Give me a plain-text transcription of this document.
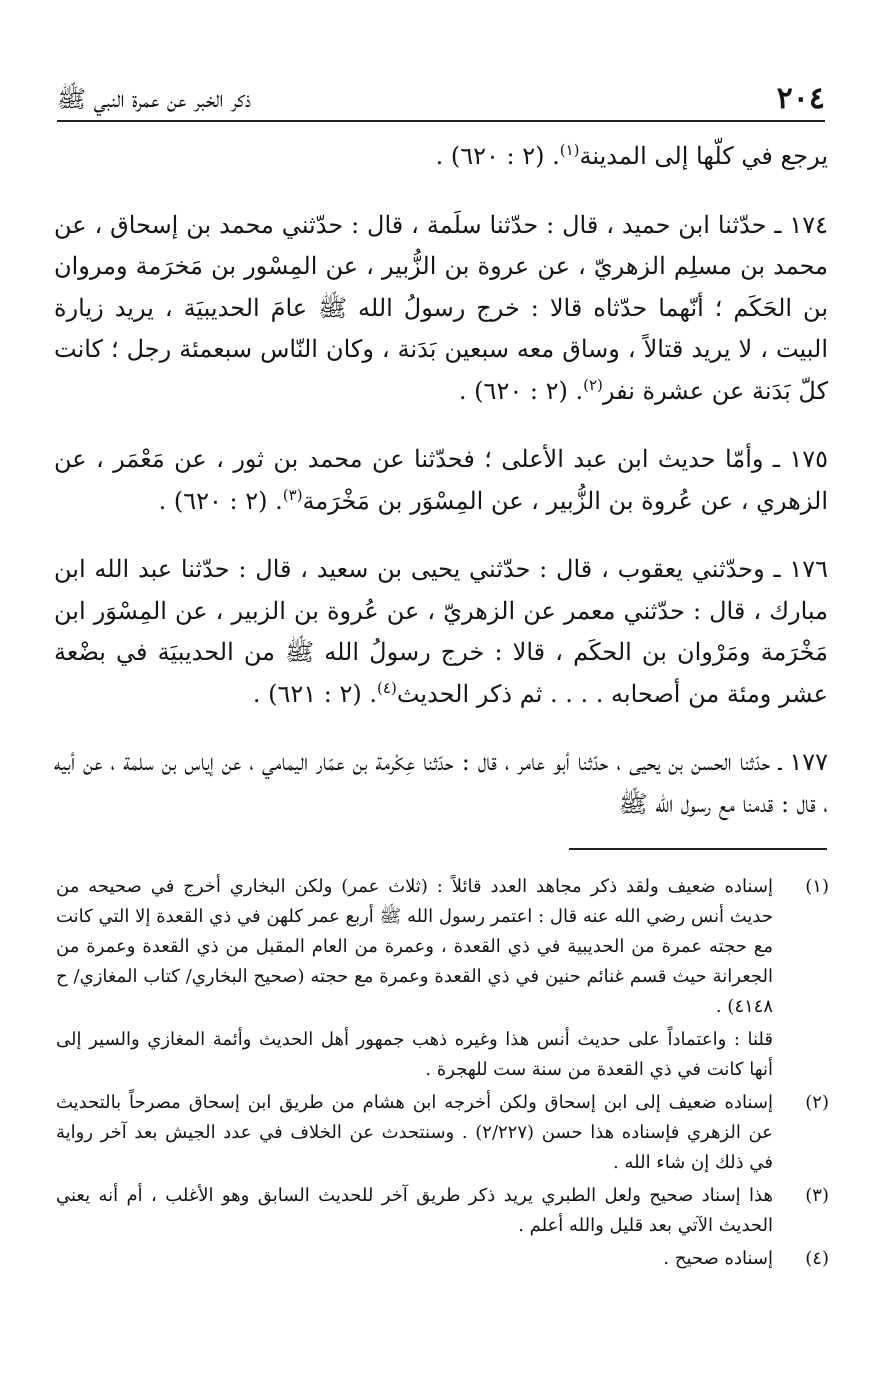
٢٠٤
ذكر الخبر عن عمرة النبي ﷺ

يرجع في كلّها إلى المدينة$^{(١)}$. (٢ : ٦٢٠) .

١٧٤ ـ حدّثنا ابن حميد ، قال : حدّثنا سلَمة ، قال : حدّثني محمد بن إسحاق ، عن محمد بن مسلِم الزهريّ ، عن عروة بن الزُّبير ، عن المِسْور بن مَخرَمة ومروان بن الحَكَم ؛ أنّهما حدّثاه قالا : خرج رسولُ الله ﷺ عامَ الحديبيَة ، يريد زيارة البيت ، لا يريد قتالاً ، وساق معه سبعين بَدَنة ، وكان النّاس سبعمئة رجل ؛ كانت كلّ بَدَنة عن عشرة نفر$^{(٢)}$. (٢ : ٦٢٠) .

١٧٥ ـ وأمّا حديث ابن عبد الأعلى ؛ فحدّثنا عن محمد بن ثور ، عن مَعْمَر ، عن الزهري ، عن عُروة بن الزُّبير ، عن المِسْوَر بن مَخْرَمة$^{(٣)}$. (٢ : ٦٢٠) .

١٧٦ ـ وحدّثني يعقوب ، قال : حدّثني يحيى بن سعيد ، قال : حدّثنا عبد الله ابن مبارك ، قال : حدّثني معمر عن الزهريّ ، عن عُروة بن الزبير ، عن المِسْوَر ابن مَخْرَمة ومَرْوان بن الحكَم ، قالا : خرج رسولُ الله ﷺ من الحديبيَة في بضْعة عشر ومئة من أصحابه . . . . ثم ذكر الحديث$^{(٤)}$. (٢ : ٦٢١) .

١٧٧ ـ حدّثنا الحسن بن يحيى ، حدّثنا أبو عامر ، قال : حدّثنا عِكْرمة بن عمّار اليمامي ، عن إياس بن سلمة ، عن أبيه ، قال : قدمنا مع رسول الله ﷺ

(١)
إسناده ضعيف ولقد ذكر مجاهد العدد قائلاً : (ثلاث عمر) ولكن البخاري أخرج في صحيحه من حديث أنس رضي الله عنه قال : اعتمر رسول الله ﷺ أربع عمر كلهن في ذي القعدة إلا التي كانت مع حجته عمرة من الحديبية في ذي القعدة ، وعمرة من العام المقبل من ذي القعدة وعمرة من الجعرانة حيث قسم غنائم حنين في ذي القعدة وعمرة مع حجته (صحيح البخاري/ كتاب المغازي/ ح ٤١٤٨) .
قلنا : واعتماداً على حديث أنس هذا وغيره ذهب جمهور أهل الحديث وأئمة المغازي والسير إلى أنها كانت في ذي القعدة من سنة ست للهجرة .
(٢)
إسناده ضعيف إلى ابن إسحاق ولكن أخرجه ابن هشام من طريق ابن إسحاق مصرحاً بالتحديث عن الزهري فإسناده هذا حسن (٢/٢٢٧) . وسنتحدث عن الخلاف في عدد الجيش بعد آخر رواية في ذلك إن شاء الله .
(٣)
هذا إسناد صحيح ولعل الطبري يريد ذكر طريق آخر للحديث السابق وهو الأغلب ، أم أنه يعني الحديث الآتي بعد قليل والله أعلم .
(٤)
إسناده صحيح .
